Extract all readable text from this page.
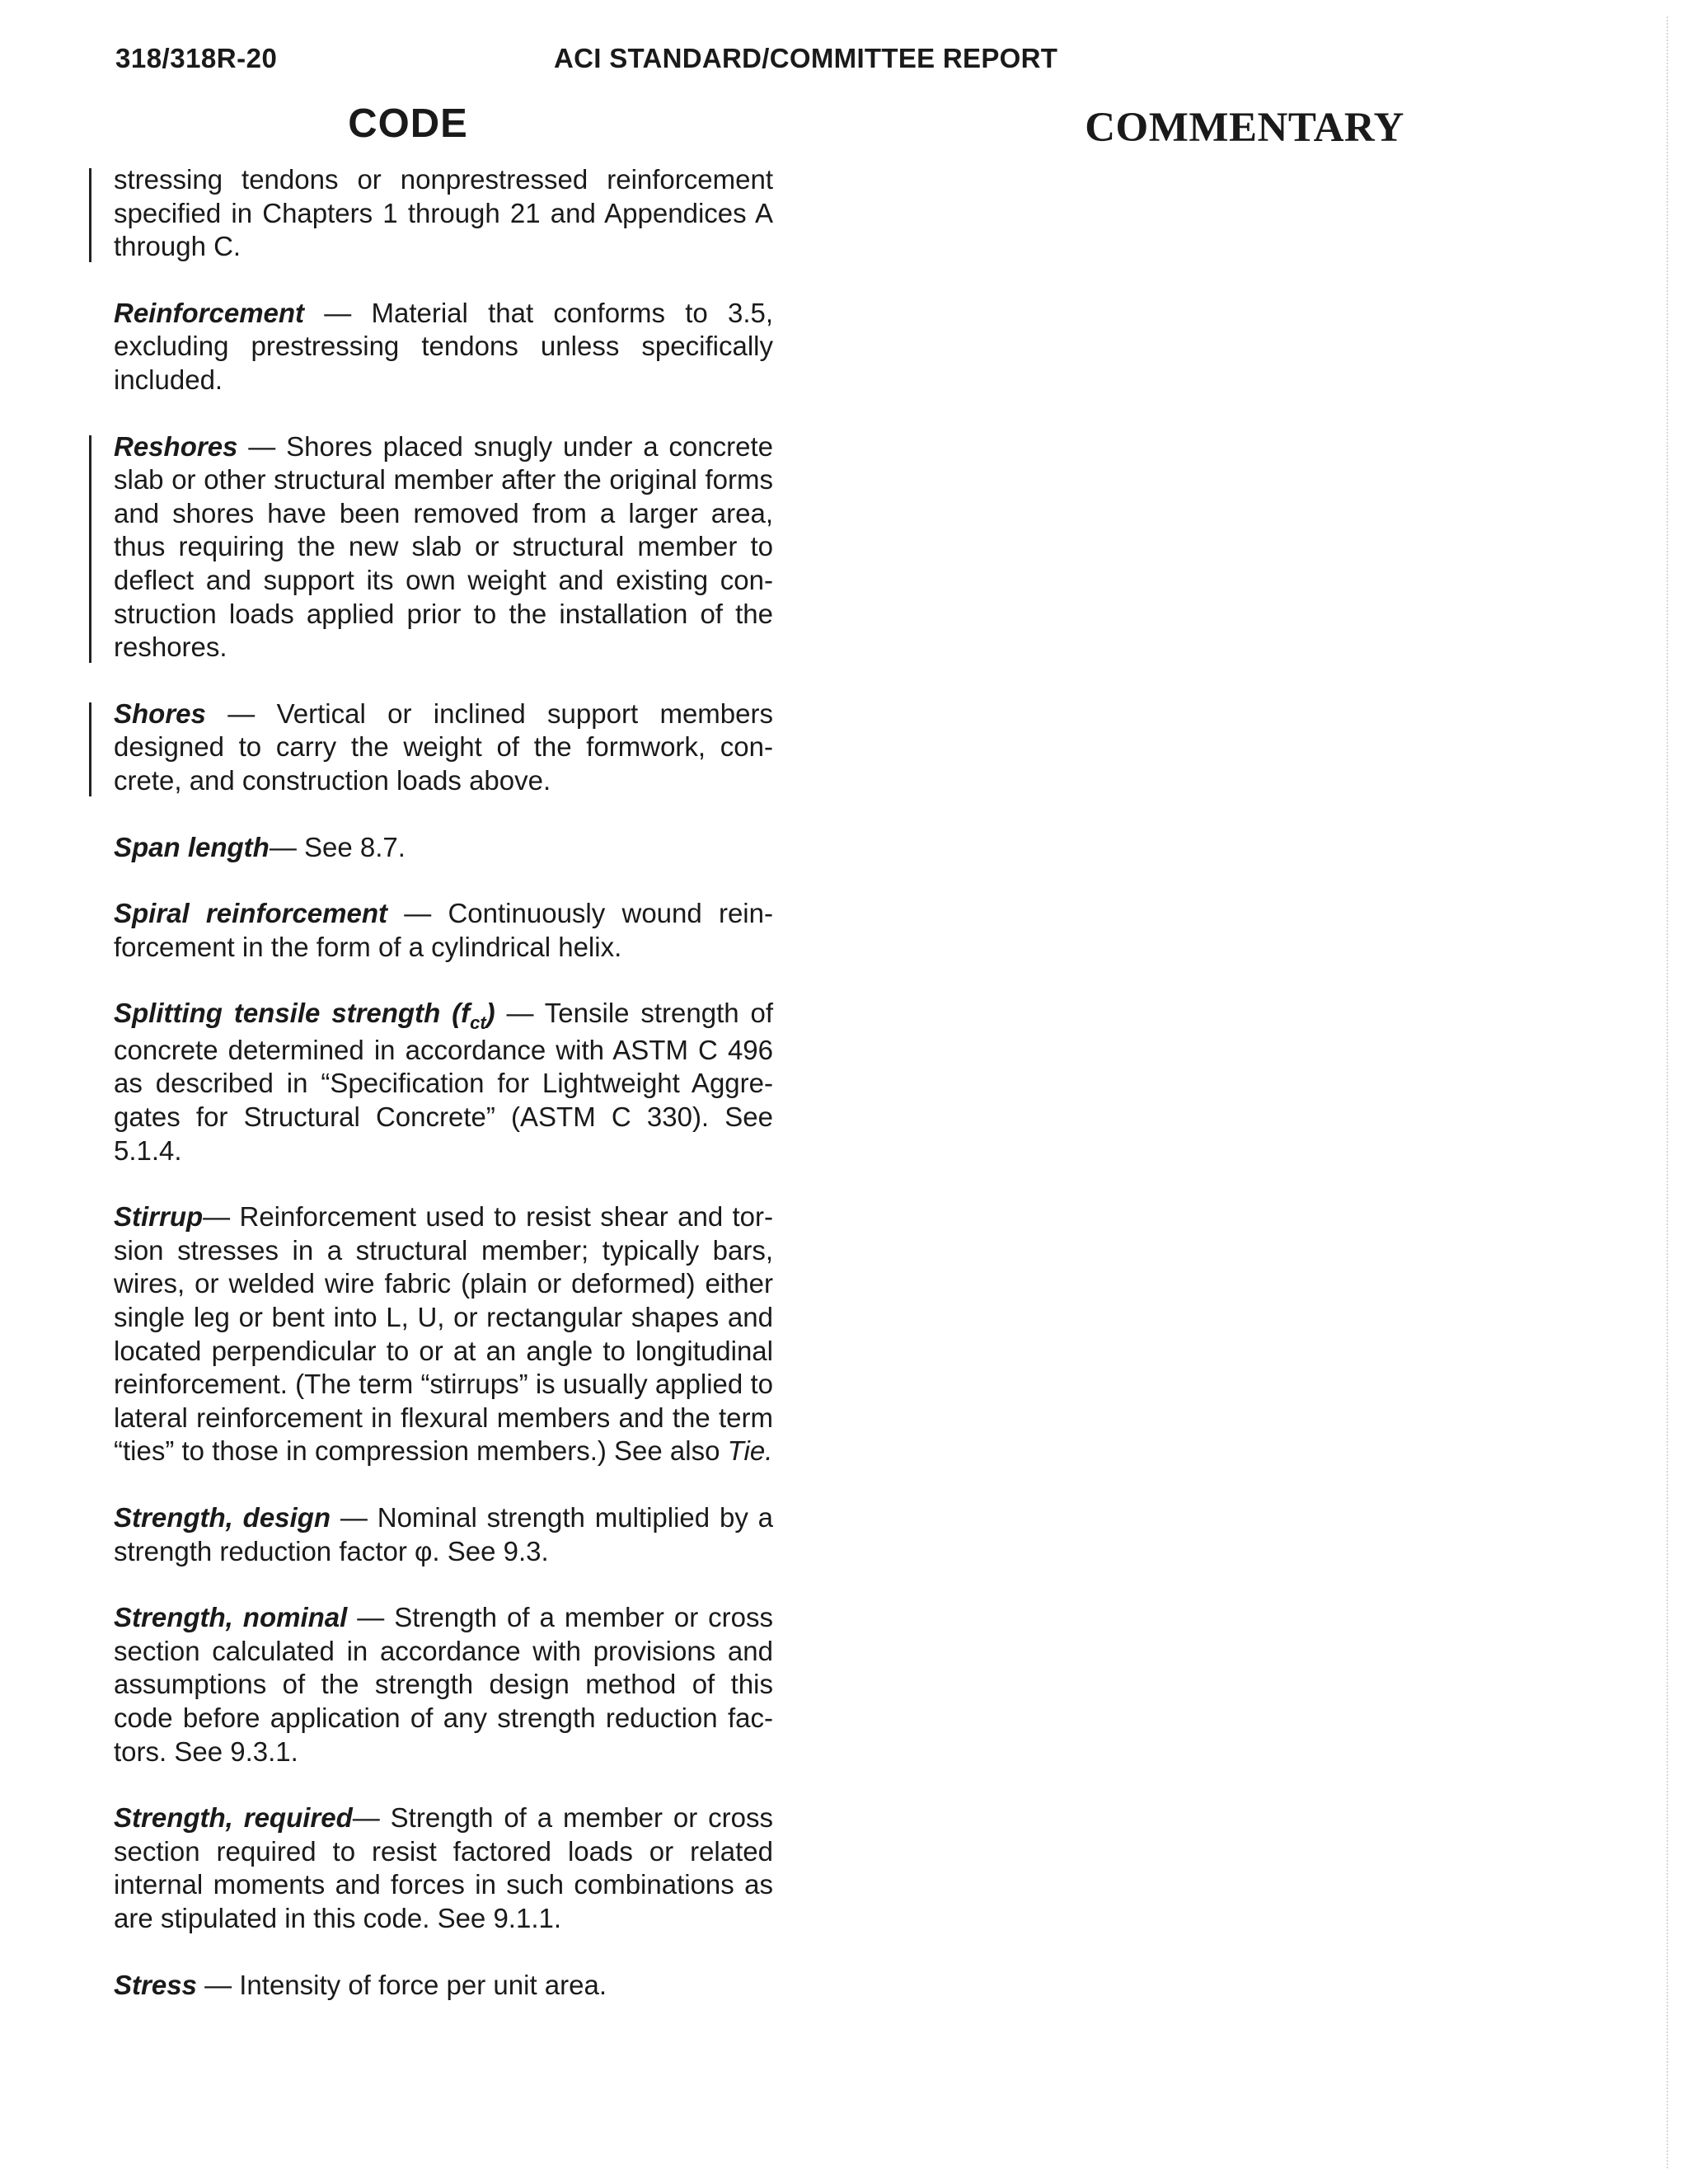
318/318R-20	ACI STANDARD/COMMITTEE REPORT
CODE	COMMENTARY

stressing tendons or nonprestressed reinforcement specified in Chapters 1 through 21 and Appendices A through C.

Reinforcement — Material that conforms to 3.5, excluding prestressing tendons unless specifically included.

Reshores — Shores placed snugly under a concrete slab or other structural member after the original forms and shores have been removed from a larger area, thus requiring the new slab or structural member to deflect and support its own weight and existing construction loads applied prior to the installation of the reshores.

Shores — Vertical or inclined support members designed to carry the weight of the formwork, concrete, and construction loads above.

Span length— See 8.7.

Spiral reinforcement — Continuously wound reinforcement in the form of a cylindrical helix.

Splitting tensile strength $(f_{ct})$ — Tensile strength of concrete determined in accordance with ASTM C 496 as described in “Specification for Lightweight Aggregates for Structural Concrete” (ASTM C 330). See 5.1.4.

Stirrup— Reinforcement used to resist shear and torsion stresses in a structural member; typically bars, wires, or welded wire fabric (plain or deformed) either single leg or bent into L, U, or rectangular shapes and located perpendicular to or at an angle to longitudinal reinforcement. (The term “stirrups” is usually applied to lateral reinforcement in flexural members and the term “ties” to those in compression members.) See also Tie.

Strength, design — Nominal strength multiplied by a strength reduction factor φ. See 9.3.

Strength, nominal — Strength of a member or cross section calculated in accordance with provisions and assumptions of the strength design method of this code before application of any strength reduction factors. See 9.3.1.

Strength, required— Strength of a member or cross section required to resist factored loads or related internal moments and forces in such combinations as are stipulated in this code. See 9.1.1.

Stress — Intensity of force per unit area.
